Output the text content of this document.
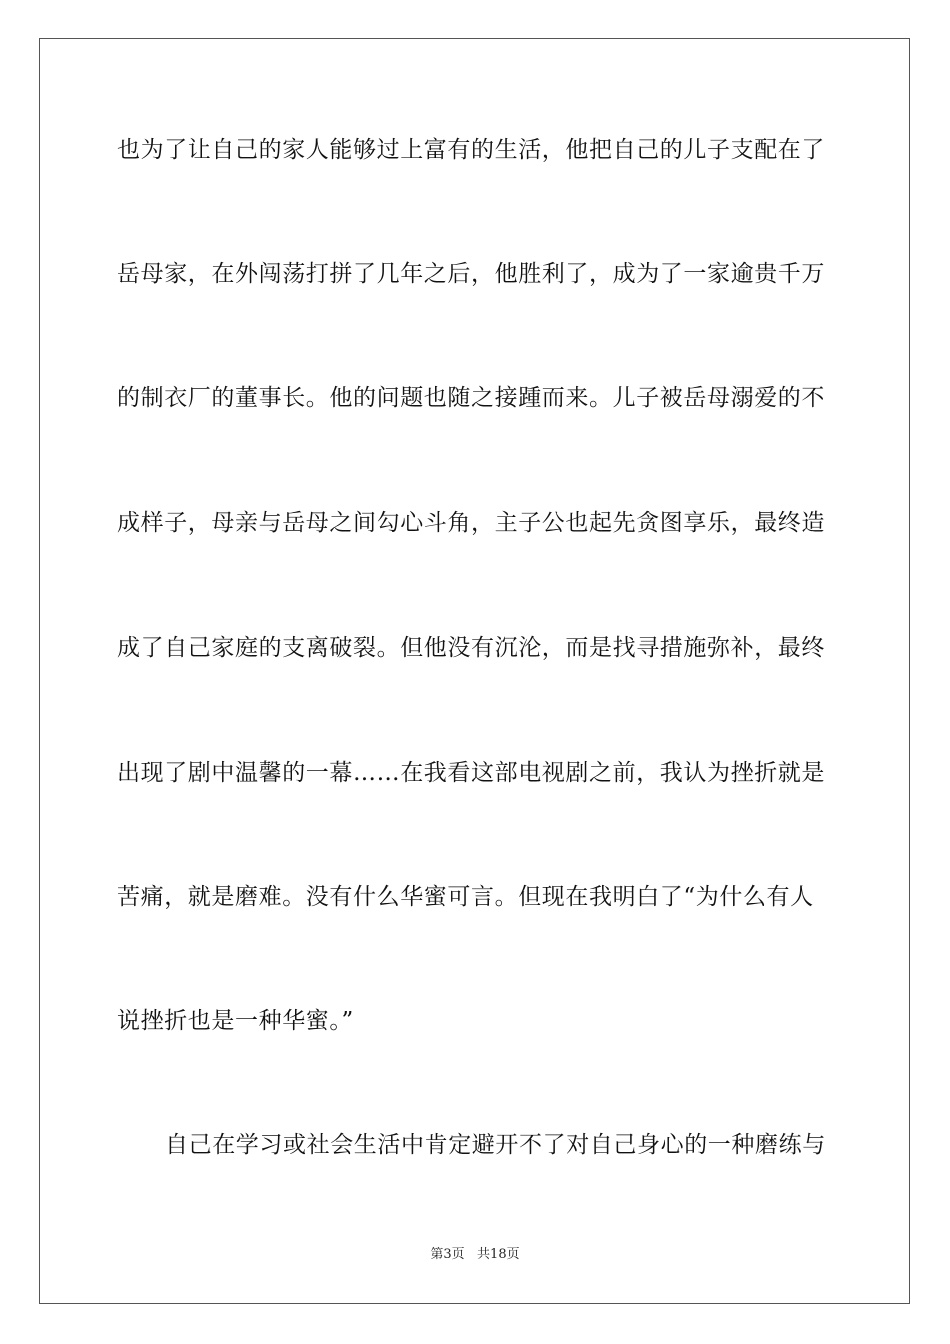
也为了让自己的家人能够过上富有的生活，他把自己的儿子支配在了
岳母家，在外闯荡打拼了几年之后，他胜利了，成为了一家逾贵千万
的制衣厂的董事长。他的问题也随之接踵而来。儿子被岳母溺爱的不
成样子，母亲与岳母之间勾心斗角，主子公也起先贪图享乐，最终造
成了自己家庭的支离破裂。但他没有沉沦，而是找寻措施弥补，最终
出现了剧中温馨的一幕……在我看这部电视剧之前，我认为挫折就是
苦痛，就是磨难。没有什么华蜜可言。但现在我明白了“为什么有人
说挫折也是一种华蜜。”
自己在学习或社会生活中肯定避开不了对自己身心的一种磨练与
第3页   共18页
